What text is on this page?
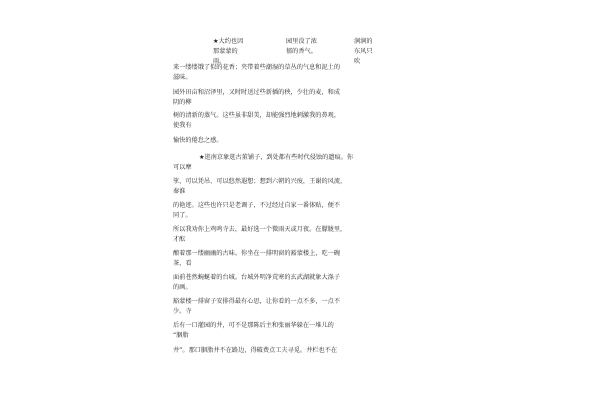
★大约也因
那蒙蒙的
雨。
园里没了浓
郁的香气。
涧涧的
东风只
吹
来一缕缕饿了似的花香；夹带着些潮湿的草丛的气息和泥土的
滋味。
园外田亩和沼泽里，又时时送过些新插的秧，少壮的麦，和成
阴的柳
树的清新的蒸气。这些虽非甜美，却能强烈地刺激我的鼻观，
使我有
愉快的倦怠之感。
★逛南京象逛古董铺子，到处都有些时代侵蚀的遗痕。你
可以摩
挲，可以凭吊，可以悠然遐想；想到六朝的兴废，王谢的风流，
秦淮
的艳迹。这些也许只是老调子，不过经过自家一番体贴，便不
同了。
所以我劝你上鸡鸣寺去，最好选一个微雨天或月夜。在朦胧里，
才酝
酿着那一缕幽幽的古味。你坐在一排明窗的豁蒙楼上，吃一碗
茶，看
面前苍然蜿蜒着的台城。台城外明净荒寒的玄武湖就象大涤子
的画。
豁蒙楼一排窗子安排得最有心思，让你看的一点不多，一点不
少。寺
后有一口灌园的井，可不是那陈后主和张丽华躲在一堆儿的
“胭脂
井”。那口胭脂井不在路边，得破费点工夫寻觅。井栏也不在
